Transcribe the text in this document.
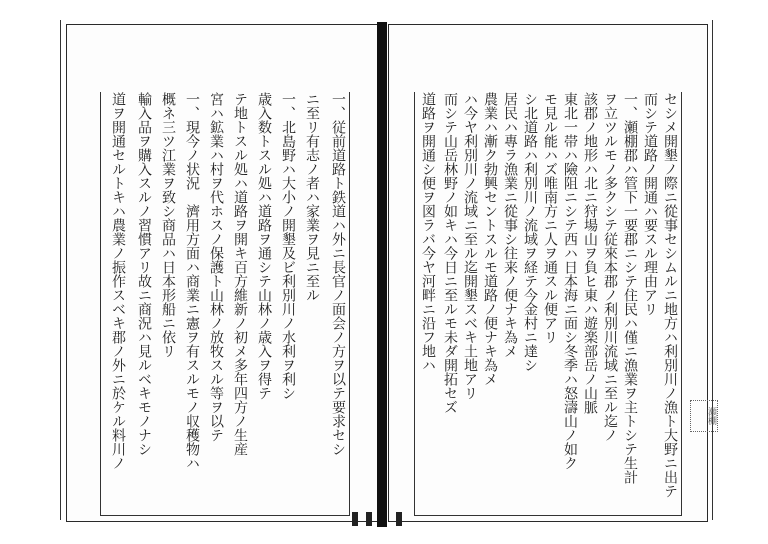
一、従前道路ト鉄道ハ外ニ長官ノ面会ノ方ヲ以テ要求セシ
ニ至リ有志ノ者ハ家業ヲ見ニ至ル
一、北島野ハ大小ノ開墾及ビ利別川ノ水利ヲ利シ
歳入数トスル処ハ道路ヲ通シテ山林ノ歳入ヲ得テ
テ地トスル処ハ道路ヲ開キ百方維新ノ初メ多年四方ノ生産
宮ハ鉱業ハ村ヲ代ホスノ保護ト山林ノ放牧スル等ヲ以テ
一、現今ノ状況　濟用方面ハ商業ニ憲ヲ有スルモノ収穫物ハ
概ネ三ツ江業ヲ致シ商品ハ日本形船ニ依リ
輸入品ヲ購入スルノ習慣アリ故ニ商況ハ見ルベキモノナシ
道ヲ開通セルトキハ農業ノ振作スベキ郡ノ外ニ於ケル料川ノ	セシメ開墾ノ際ニ從事セシムルニ地方ハ利別川ノ漁ト大野ニ出テ
而シテ道路ノ開通ハ要スル理由アリ
一、瀬棚郡ハ管下一要郡ニシテ住民ハ僅ニ漁業ヲ主トシテ生計
ヲ立ツルモノ多クシテ従來本郡ノ利別川流域ニ至ル迄ノ
該郡ノ地形ハ北ニ狩場山ヲ負ヒ東ハ遊楽部岳ノ山脈
東北一帯ハ險阻ニシテ西ハ日本海ニ面シ冬季ハ怒濤山ノ如ク
モ見ル能ハズ唯南方ニ人ヲ通スル便アリ
シ北道路ハ利別川ノ流域ヲ経テ今金村ニ達シ
居民ハ專ラ漁業ニ從事シ往来ノ便ナキ為メ
農業ハ漸ク勃興セントスルモ道路ノ便ナキ為メ
ハ今ヤ利別川ノ流域ニ至ル迄開墾スベキ土地アリ
而シテ山岳林野ノ如キハ今日ニ至ルモ未ダ開拓セズ
道路ヲ開通シ便ヲ図ラバ今ヤ河畔ニ沿フ地ハ
瀬棚
